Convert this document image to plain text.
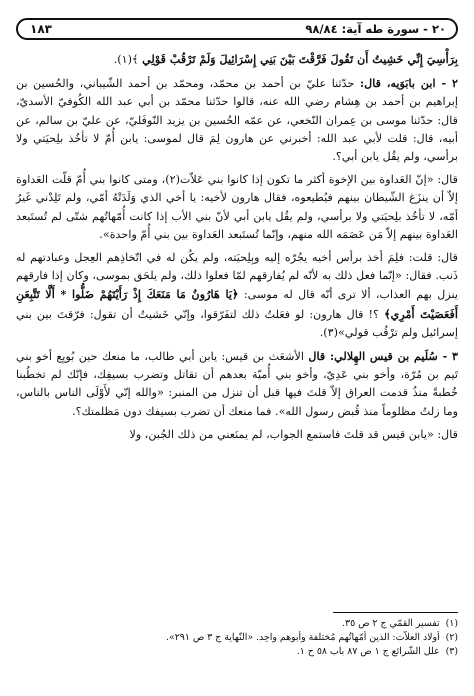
٢٠ - سورة طه آية: ٩٨/٨٤
١٨٣

بِرَأْسِيَ إِنِّي خَشِيتُ أَن تَقُولَ فَرَّقْتَ بَيْنَ بَنِي إِسْرَائِيلَ وَلَمْ تَرْقُبْ قَوْلِي ﴾(١).

٢ - ابن بابَوَيه، قال: حدّثنا عليّ بن أحمد بن محمّد، ومحمّد بن أحمد الشّيباني، والحُسين بن إبراهيم بن أحمد بن هِشام رضي الله عنه، قالوا حدّثنا محمّد بن أبي عبد الله الكُوفيّ الأسديّ، قال: حدّثنا موسى بن عِمران النّخعي، عن عمّه الحُسين بن يزيد النّوفَليّ، عن عليّ بن سالم، عن أبيه، قال: قلت لأبي عبد الله: أخبرني عن هارون لِمَ قال لموسى: يابن أُمّ لا تأخُذ بلِحيَتي ولا برأسي، ولم يقُل يابن أبي؟.

قال: «إنّ العَداوة بين الإخوة أكثر ما تكون إذا كانوا بني عَلاّت(٢)، ومتى كانوا بني أُمّ قلّت العَداوة إلاّ أن ينزَغ الشّيطان بينهم فيُطيعوه، فقال هارون لأخيه: يا أخي الذي وَلَدَتْهُ أمّي، ولم تَلِدْني غَيرُ أمّه، لا تأخُذ بلِحيَتي ولا برأسي، ولم يقُل يابن أبي لأنّ بني الأب إذا كانت أُمّهاتُهم شتّى لم تُستَبعد العَداوة بينهم إلاّ مَن عَصَمَه الله منهم، وإنّما تُستَبعد العَداوة بين بني أُمّ واحدة».

قال: قلت: فلِمَ أخذ برأس أخيه يجُرّه إليه وبِلِحيَته، ولم يكُن له في اتّخاذِهم العِجل وعبادتهم له ذَنب. فقال: «إنّما فعل ذلك به لأنّه لم يُفارقهم لمّا فعلوا ذلك، ولم يلحَق بموسى، وكان إذا فارقهم ينزل بهم العذاب، ألا ترى أنّه قال له موسى: ﴿يَا هَارُونُ مَا مَنَعَكَ إِذْ رَأَيْتَهُمْ ضَلُّوا * أَلَّا تَتَّبِعَنِ أَفَعَصَيْتَ أَمْرِي﴾ ؟! قال هارون: لو فعَلتُ ذلك لتفَرّقوا، وإنّي خَشيتُ أن تقول: فرّقتَ بين بني إسرائيل ولم ترْقُب قولي»(٣).

٣ - سُلَيم بن قيس الهِلالي: قال الأشعَث بن قيس: يابن أبي طالب، ما منعك حين بُويِع أخو بني تَيم بن مُرّة، وأخو بني عَدِيّ، وأخو بني أُميّة بعدهم أن تقاتل وتضرب بسيفِك، فإنّك لم تخطُبنا خُطبةً منذُ قدمت العراق إلاّ قلتَ فيها قبل أن تنزل من المنبر: «والله إنّي لأَوْلَى الناس بالناس، وما زلتُ مظلوماً منذ قُبض رسول الله». فما منعك أن تضرب بسيفك دون مَظلمتك؟.

قال: «يابن قيس قد قلتَ فاستمع الجواب، لم يمنَعني من ذلك الجُبن، ولا

(١)تفسير القمّي ج ٢ ص ٣٥.
(٢)أولاد العلاّت: الذين أُمّهاتُهم مُختلفة وأبوهم واحِد. «النّهاية ج ٣ ص ٢٩١».
(٣)علل الشّرائع ج ١ ص ٨٧ باب ٥٨ ح ١.
